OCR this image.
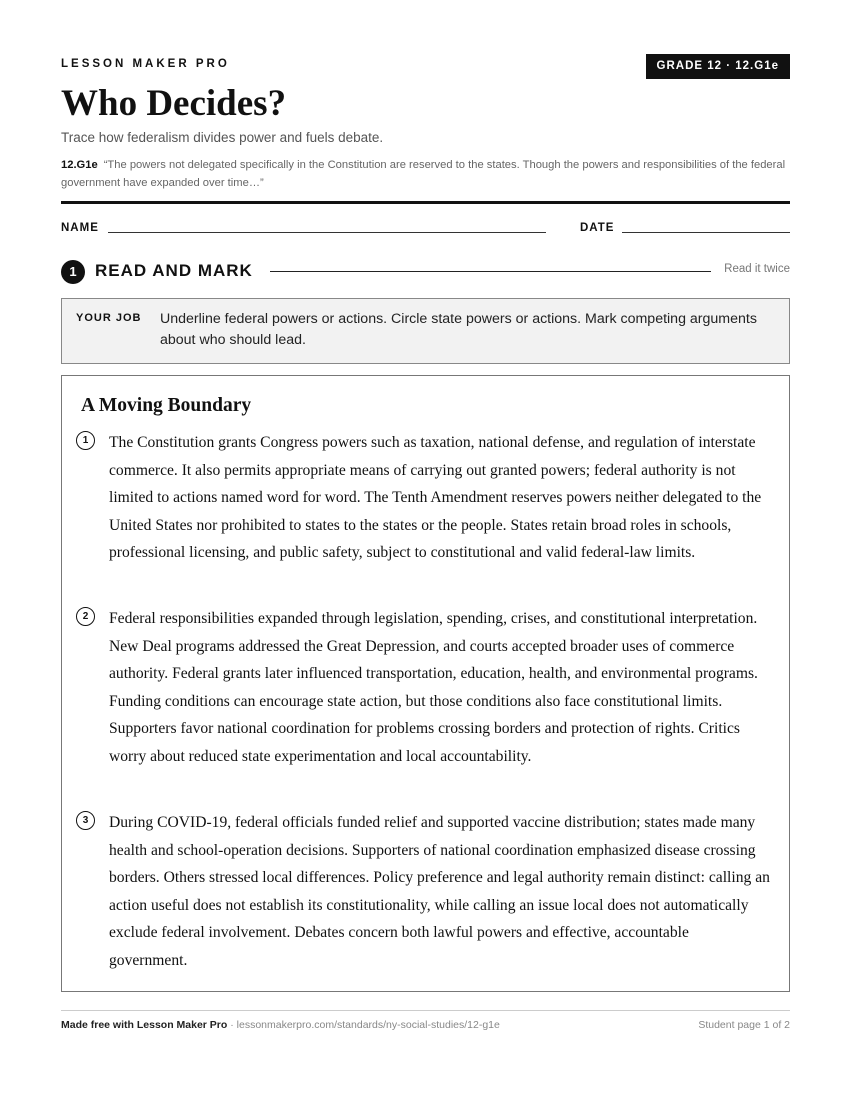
LESSON MAKER PRO	GRADE 12 · 12.G1e
Who Decides?
Trace how federalism divides power and fuels debate.
12.G1e “The powers not delegated specifically in the Constitution are reserved to the states. Though the powers and responsibilities of the federal government have expanded over time…”
NAME	DATE
1	READ AND MARK	Read it twice
YOUR JOB Underline federal powers or actions. Circle state powers or actions. Mark competing arguments about who should lead.
A Moving Boundary
1	The Constitution grants Congress powers such as taxation, national defense, and regulation of interstate commerce. It also permits appropriate means of carrying out granted powers; federal authority is not limited to actions named word for word. The Tenth Amendment reserves powers neither delegated to the United States nor prohibited to states to the states or the people. States retain broad roles in schools, professional licensing, and public safety, subject to constitutional and valid federal-law limits.

2	Federal responsibilities expanded through legislation, spending, crises, and constitutional interpretation. New Deal programs addressed the Great Depression, and courts accepted broader uses of commerce authority. Federal grants later influenced transportation, education, health, and environmental programs. Funding conditions can encourage state action, but those conditions also face constitutional limits. Supporters favor national coordination for problems crossing borders and protection of rights. Critics worry about reduced state experimentation and local accountability.

3	During COVID-19, federal officials funded relief and supported vaccine distribution; states made many health and school-operation decisions. Supporters of national coordination emphasized disease crossing borders. Others stressed local differences. Policy preference and legal authority remain distinct: calling an action useful does not establish its constitutionality, while calling an issue local does not automatically exclude federal involvement. Debates concern both lawful powers and effective, accountable government.

Made free with Lesson Maker Pro · lessonmakerpro.com/standards/ny-social-studies/12-g1e	Student page 1 of 2
